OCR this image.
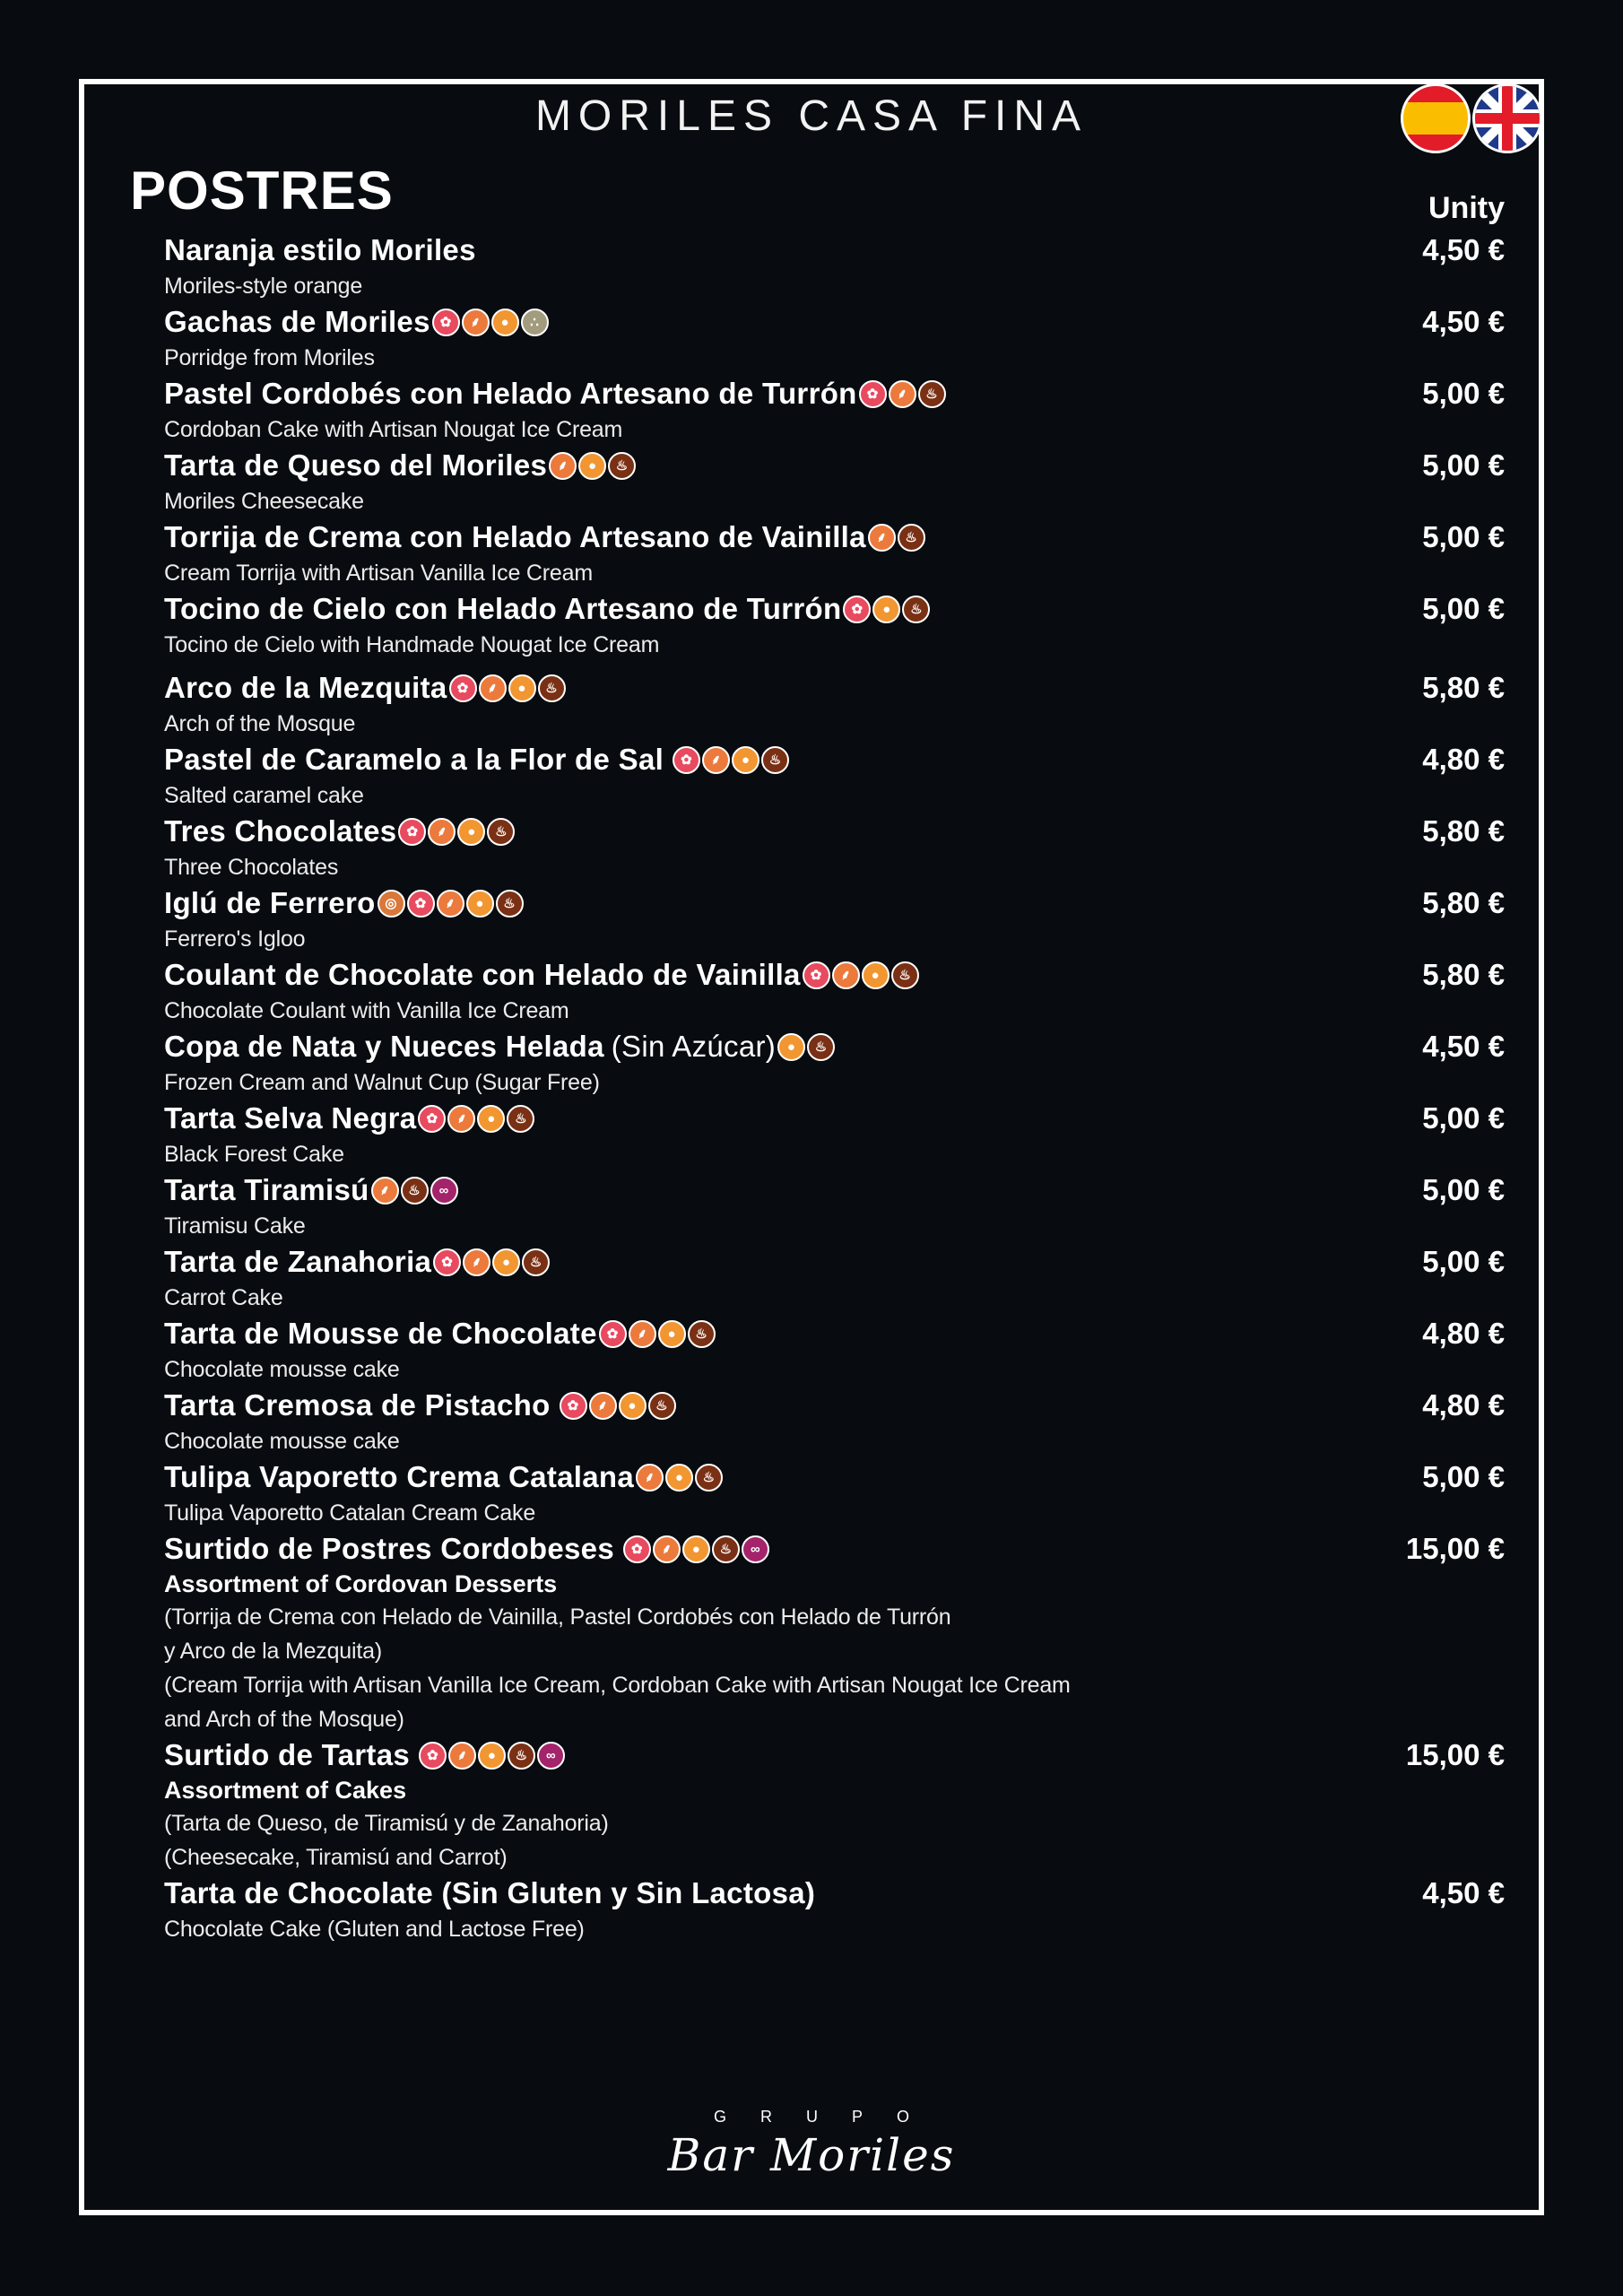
MORILES CASA FINA
POSTRES	Unity
Naranja estilo Moriles	4,50 €
Moriles-style orange
Gachas de Moriles ✿	⸙	●	∴	4,50 €
Porridge from Moriles
Pastel Cordobés con Helado Artesano de Turrón ✿	⸙	♨	5,00 €
Cordoban Cake with Artisan Nougat Ice Cream
Tarta de Queso del Moriles ⸙	●	♨	5,00 €
Moriles Cheesecake
Torrija de Crema con Helado Artesano de Vainilla ⸙	♨	5,00 €
Cream Torrija with Artisan Vanilla Ice Cream
Tocino de Cielo con Helado Artesano de Turrón ✿	●	♨	5,00 €
Tocino de Cielo with Handmade Nougat Ice Cream
Arco de la Mezquita ✿	⸙	●	♨	5,80 €
Arch of the Mosque
Pastel de Caramelo a la Flor de Sal	✿	⸙	●	♨	4,80 €
Salted caramel cake
Tres Chocolates ✿	⸙	●	♨	5,80 €
Three Chocolates
Iglú de Ferrero ◎	✿	⸙	●	♨	5,80 €
Ferrero's Igloo
Coulant de Chocolate con Helado de Vainilla ✿	⸙	●	♨	5,80 €
Chocolate Coulant with Vanilla Ice Cream
Copa de Nata y Nueces Helada (Sin Azúcar) ●	♨	4,50 €
Frozen Cream and Walnut Cup (Sugar Free)
Tarta Selva Negra ✿	⸙	●	♨	5,00 €
Black Forest Cake
Tarta Tiramisú ⸙	♨	∞	5,00 €
Tiramisu Cake
Tarta de Zanahoria ✿	⸙	●	♨	5,00 €
Carrot Cake
Tarta de Mousse de Chocolate ✿	⸙	●	♨	4,80 €
Chocolate mousse cake
Tarta Cremosa de Pistacho	✿	⸙	●	♨	4,80 €
Chocolate mousse cake
Tulipa Vaporetto Crema Catalana ⸙	●	♨	5,00 €
Tulipa Vaporetto Catalan Cream Cake
Surtido de Postres Cordobeses	✿	⸙	●	♨	∞	15,00 €
Assortment of Cordovan Desserts
(Torrija de Crema con Helado de Vainilla, Pastel Cordobés con Helado de Turrón
y Arco de la Mezquita)
(Cream Torrija with Artisan Vanilla Ice Cream, Cordoban Cake with Artisan Nougat Ice Cream
and Arch of the Mosque)
Surtido de Tartas	✿	⸙	●	♨	∞	15,00 €
Assortment of Cakes
(Tarta de Queso, de Tiramisú y de Zanahoria)
(Cheesecake, Tiramisú and Carrot)
Tarta de Chocolate (Sin Gluten y Sin Lactosa)	4,50 €
Chocolate Cake (Gluten and Lactose Free)
GRUPO
Bar Moriles
